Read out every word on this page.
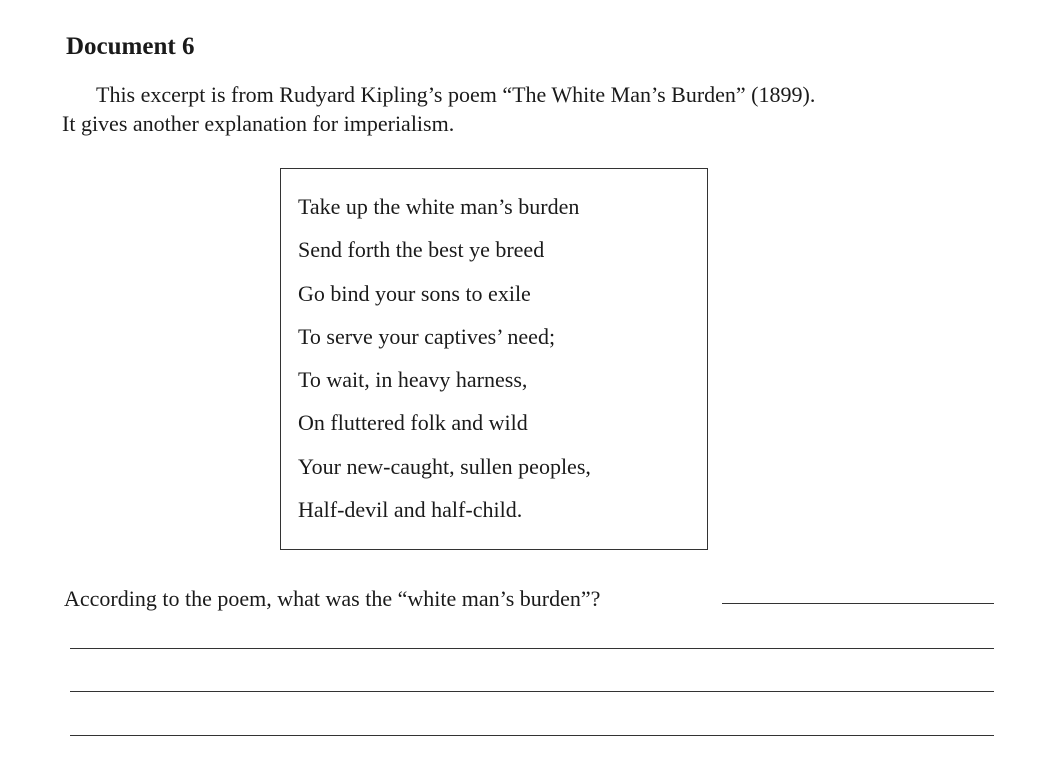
Document 6

This excerpt is from Rudyard Kipling’s poem “The White Man’s Burden” (1899).
It gives another explanation for imperialism.

Take up the white man’s burden
Send forth the best ye breed
Go bind your sons to exile
To serve your captives’ need;
To wait, in heavy harness,
On fluttered folk and wild
Your new-caught, sullen peoples,
Half-devil and half-child.
According to the poem, what was the “white man’s burden”?
